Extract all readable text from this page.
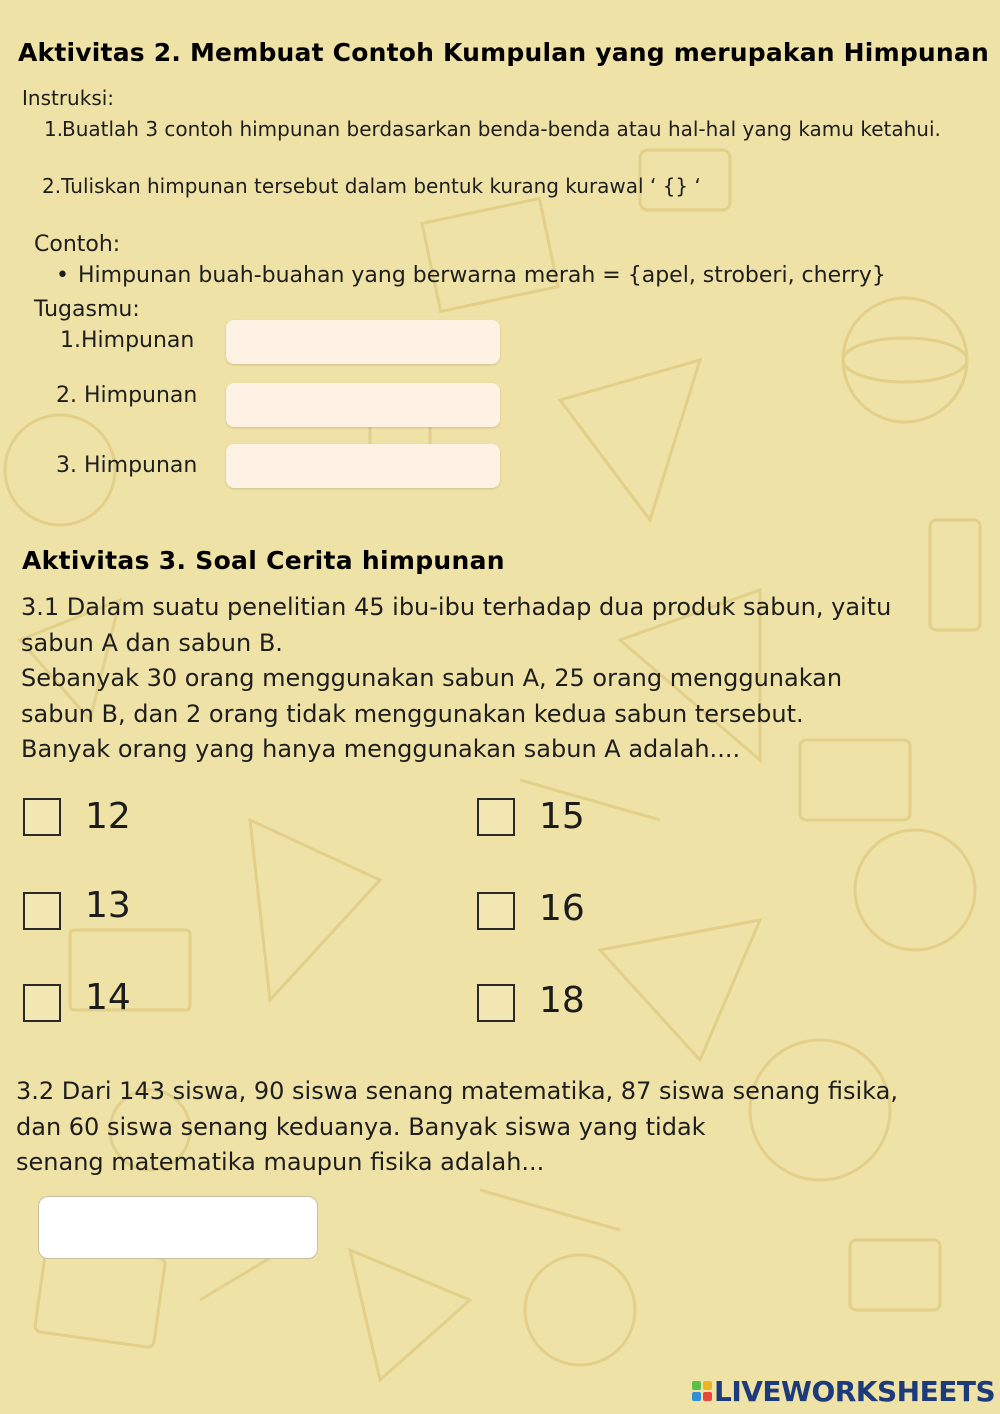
Aktivitas 2. Membuat Contoh Kumpulan yang merupakan Himpunan
Instruksi:
1.
Buatlah 3 contoh himpunan berdasarkan benda-benda atau hal-hal yang kamu ketahui.
2.Tuliskan himpunan tersebut dalam bentuk kurang kurawal ‘ {} ‘
Contoh:
• Himpunan buah-buahan yang berwarna merah = {apel, stroberi, cherry}
Tugasmu:
1.Himpunan
2. Himpunan
3. Himpunan
Aktivitas 3. Soal Cerita himpunan
3.1 Dalam suatu penelitian 45 ibu-ibu terhadap dua produk sabun, yaitu
sabun A dan sabun B.
Sebanyak 30 orang menggunakan sabun A, 25 orang menggunakan
sabun B, dan 2 orang tidak menggunakan kedua sabun tersebut.
Banyak orang yang hanya menggunakan sabun A adalah....
12	15
13	16
14	18
3.2 Dari 143 siswa, 90 siswa senang matematika, 87 siswa senang fisika,
dan 60 siswa senang keduanya. Banyak siswa yang tidak
senang matematika maupun fisika adalah...
LIVEWORKSHEETS
